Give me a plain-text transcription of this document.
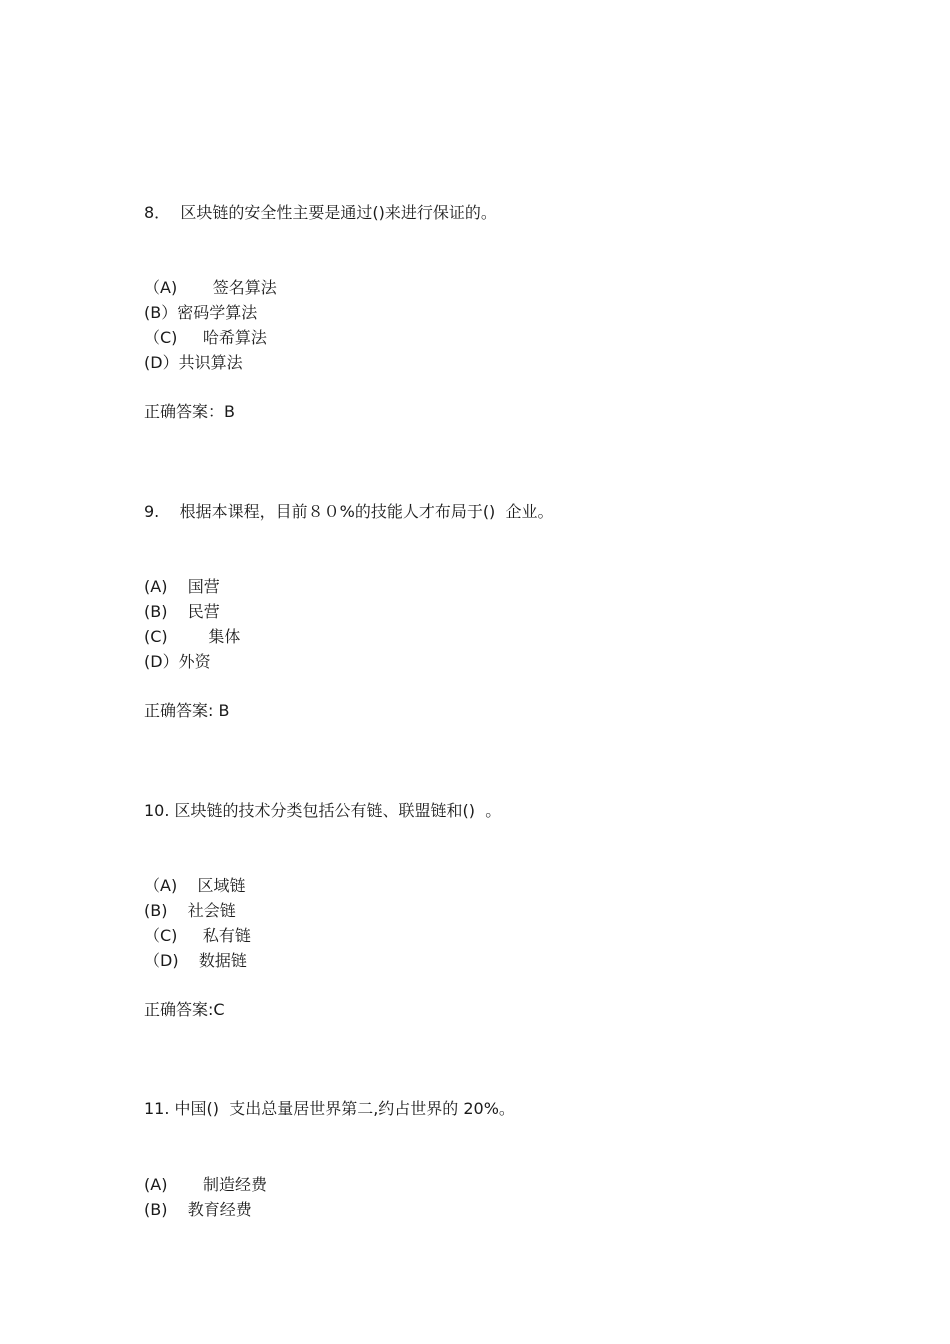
8．  区块链的安全性主要是通过()来进行保证的。
（A)       签名算法
(B）密码学算法
（C)     哈希算法
(D）共识算法
正确答案：B
9.    根据本课程，目前８０%的技能人才布局于()  企业。
(A)    国营
(B)    民营
(C)        集体
(D）外资
正确答案: B
10. 区块链的技术分类包括公有链、联盟链和()  。
（A)    区域链
(B)    社会链
（C)     私有链
（D)    数据链
正确答案:C
11. 中国()  支出总量居世界第二,约占世界的 20%。
(A)       制造经费
(B)    教育经费
